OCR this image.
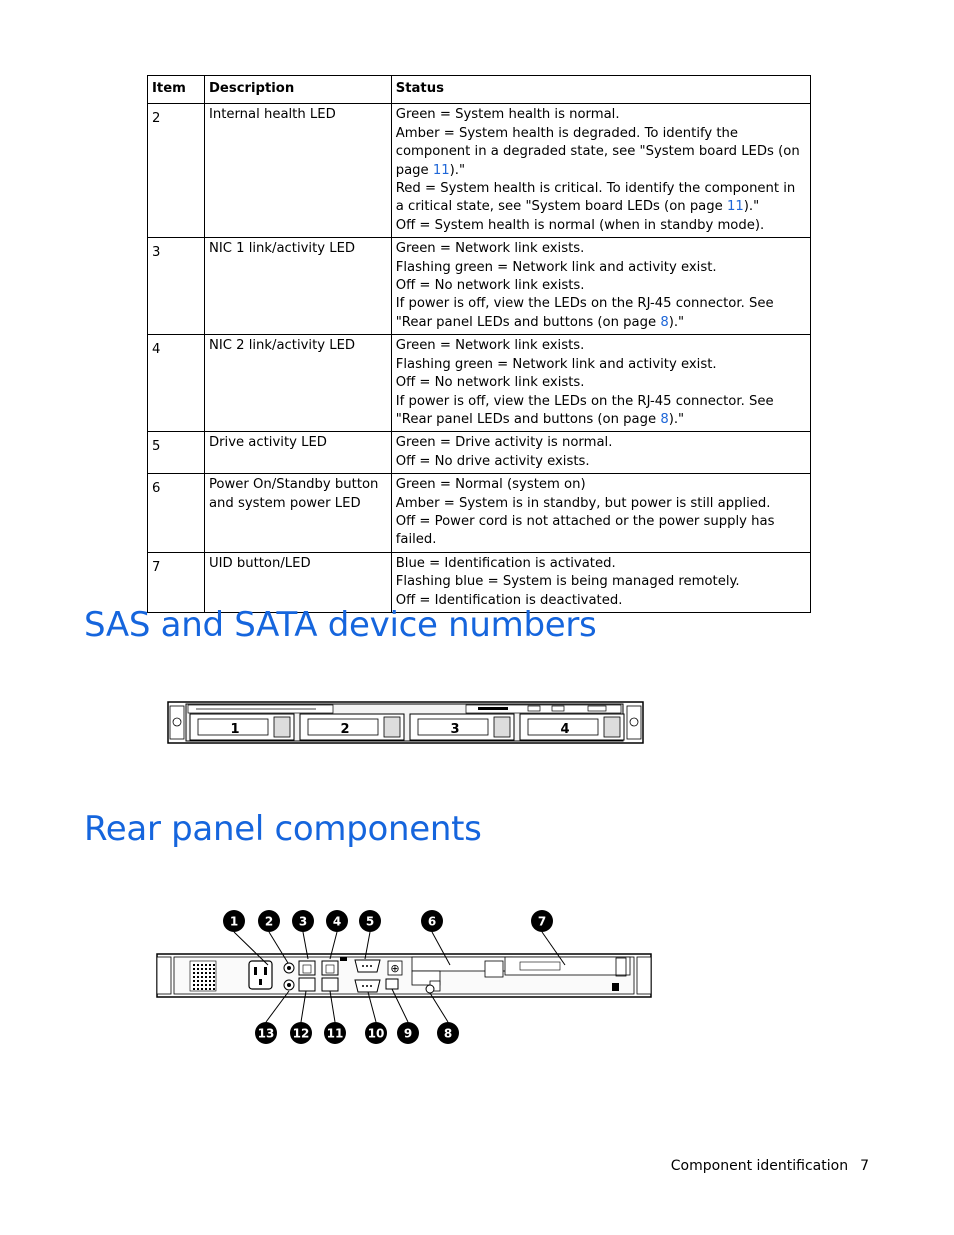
Item	Description	Status
2	Internal health LED	Green = System health is normal.
Amber = System health is degraded. To identify the component in a degraded state, see "System board LEDs (on page 11)."
Red = System health is critical. To identify the component in a critical state, see "System board LEDs (on page 11)."
Off = System health is normal (when in standby mode).

3	NIC 1 link/activity LED	Green = Network link exists.
Flashing green = Network link and activity exist.
Off = No network link exists.
If power is off, view the LEDs on the RJ-45 connector. See "Rear panel LEDs and buttons (on page 8)."

4	NIC 2 link/activity LED	Green = Network link exists.
Flashing green = Network link and activity exist.
Off = No network link exists.
If power is off, view the LEDs on the RJ-45 connector. See "Rear panel LEDs and buttons (on page 8)."

5	Drive activity LED	Green = Drive activity is normal.
Off = No drive activity exists.

6	Power On/Standby button and system power LED	Green = Normal (system on)
Amber = System is in standby, but power is still applied.
Off = Power cord is not attached or the power supply has failed.

7	UID button/LED	Blue = Identification is activated.
Flashing blue = System is being managed remotely.
Off = Identification is deactivated.
SAS and SATA device numbers
1	2	3	4
Rear panel components
⊕
1 2 3 4 5	6	7
13 12 11 10 9	8
Component identification 7
